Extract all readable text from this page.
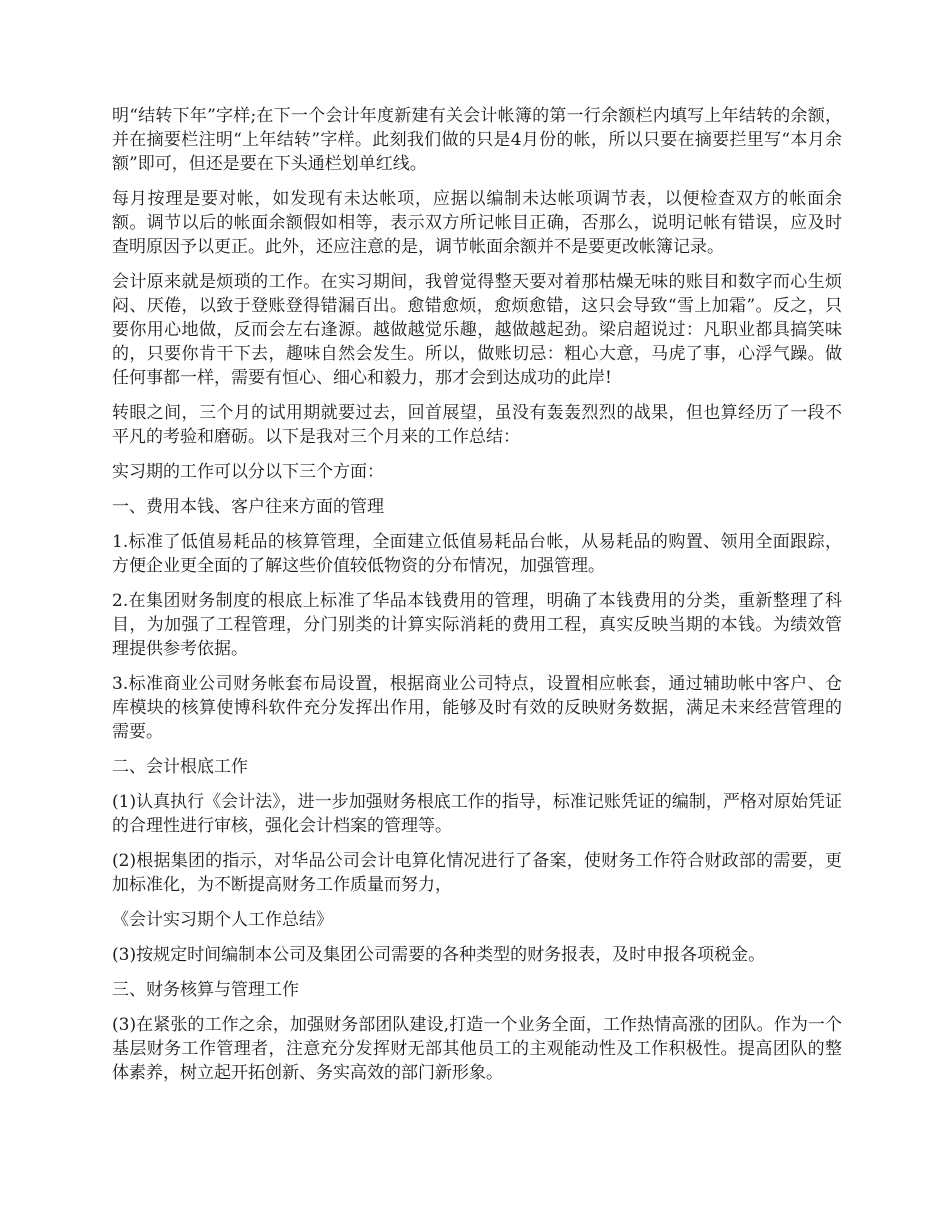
明“结转下年”字样;在下一个会计年度新建有关会计帐簿的第一行余额栏内填写上年结转的余额，并在摘要栏注明“上年结转”字样。此刻我们做的只是4月份的帐，所以只要在摘要拦里写“本月余额”即可，但还是要在下头通栏划单红线。

每月按理是要对帐，如发现有未达帐项，应据以编制未达帐项调节表，以便检查双方的帐面余额。调节以后的帐面余额假如相等，表示双方所记帐目正确，否那么，说明记帐有错误，应及时查明原因予以更正。此外，还应注意的是，调节帐面余额并不是要更改帐簿记录。

会计原来就是烦琐的工作。在实习期间，我曾觉得整天要对着那枯燥无味的账目和数字而心生烦闷、厌倦，以致于登账登得错漏百出。愈错愈烦，愈烦愈错，这只会导致“雪上加霜”。反之，只要你用心地做，反而会左右逢源。越做越觉乐趣，越做越起劲。梁启超说过：凡职业都具搞笑味的，只要你肯干下去，趣味自然会发生。所以，做账切忌：粗心大意，马虎了事，心浮气躁。做任何事都一样，需要有恒心、细心和毅力，那才会到达成功的此岸!

转眼之间，三个月的试用期就要过去，回首展望，虽没有轰轰烈烈的战果，但也算经历了一段不平凡的考验和磨砺。以下是我对三个月来的工作总结：

实习期的工作可以分以下三个方面：

一、费用本钱、客户往来方面的管理

1.标准了低值易耗品的核算管理，全面建立低值易耗品台帐，从易耗品的购置、领用全面跟踪，方便企业更全面的了解这些价值较低物资的分布情况，加强管理。

2.在集团财务制度的根底上标准了华品本钱费用的管理，明确了本钱费用的分类，重新整理了科目，为加强了工程管理，分门别类的计算实际消耗的费用工程，真实反映当期的本钱。为绩效管理提供参考依据。

3.标准商业公司财务帐套布局设置，根据商业公司特点，设置相应帐套，通过辅助帐中客户、仓库模块的核算使博科软件充分发挥出作用，能够及时有效的反映财务数据，满足未来经营管理的需要。

二、会计根底工作

(1)认真执行《会计法》，进一步加强财务根底工作的指导，标准记账凭证的编制，严格对原始凭证的合理性进行审核，强化会计档案的管理等。

(2)根据集团的指示，对华品公司会计电算化情况进行了备案，使财务工作符合财政部的需要，更加标准化，为不断提高财务工作质量而努力，

《会计实习期个人工作总结》

(3)按规定时间编制本公司及集团公司需要的各种类型的财务报表，及时申报各项税金。

三、财务核算与管理工作

(3)在紧张的工作之余，加强财务部团队建设,打造一个业务全面，工作热情高涨的团队。作为一个基层财务工作管理者，注意充分发挥财无部其他员工的主观能动性及工作积极性。提高团队的整体素养，树立起开拓创新、务实高效的部门新形象。
